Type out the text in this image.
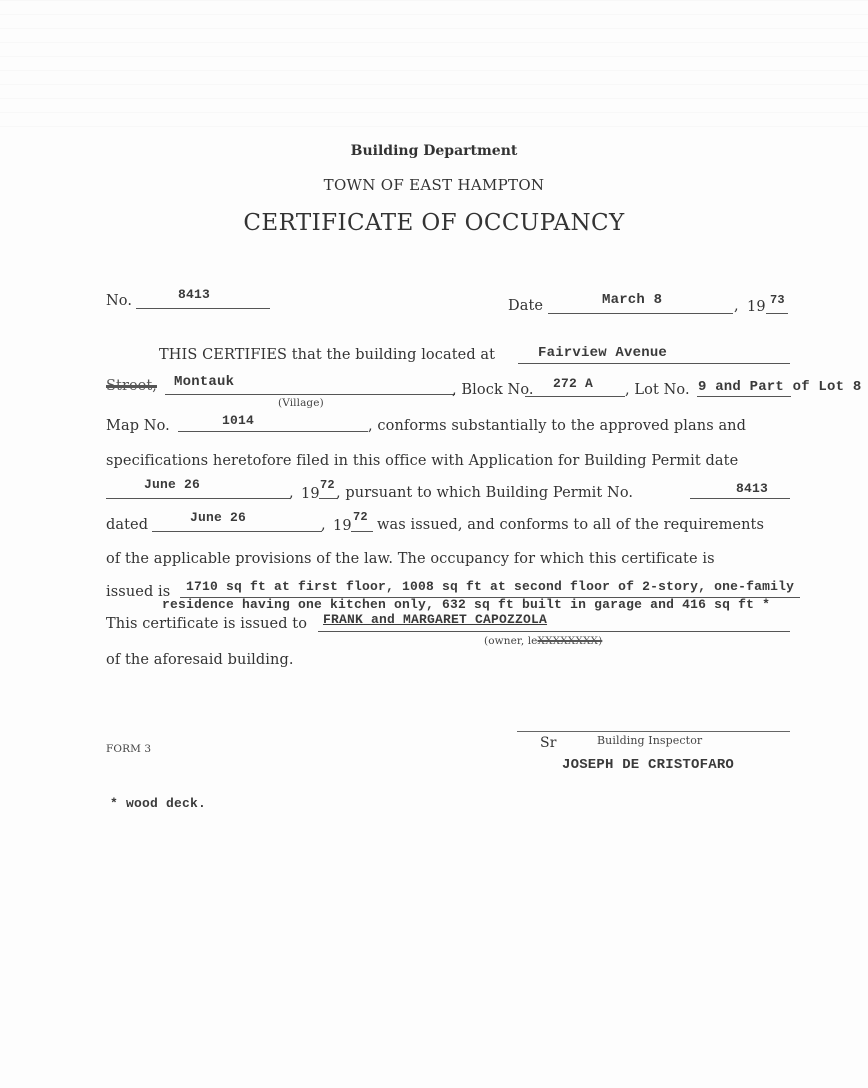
Building Department
TOWN OF EAST HAMPTON
CERTIFICATE OF OCCUPANCY
No.	8413
Date	March 8	, 19 73
THIS CERTIFIES that the building located at	Fairview Avenue
Street, Montauk
(Village)
, Block No. 272 A , Lot No. 9 and Part of Lot 8
Map No.	1014	, conforms substantially to the approved plans and
specifications heretofore filed in this office with Application for Building Permit date
June 26
, 19
72 , pursuant to which Building Permit No.	8413
dated	June 26	, 19
72 was issued, and conforms to all of the requirements
of the applicable provisions of the law. The occupancy for which this certificate is
issued is 1710 sq ft at first floor, 1008 sq ft at second floor of 2-story, one-family
residence having one kitchen only, 632 sq ft built in garage and 416 sq ft *
This certificate is issued to FRANK and MARGARET CAPOZZOLA
(owner, leXXXXXXXX)
of the aforesaid building.
FORM 3	Sr	Building Inspector
JOSEPH DE CRISTOFARO
* wood deck.
